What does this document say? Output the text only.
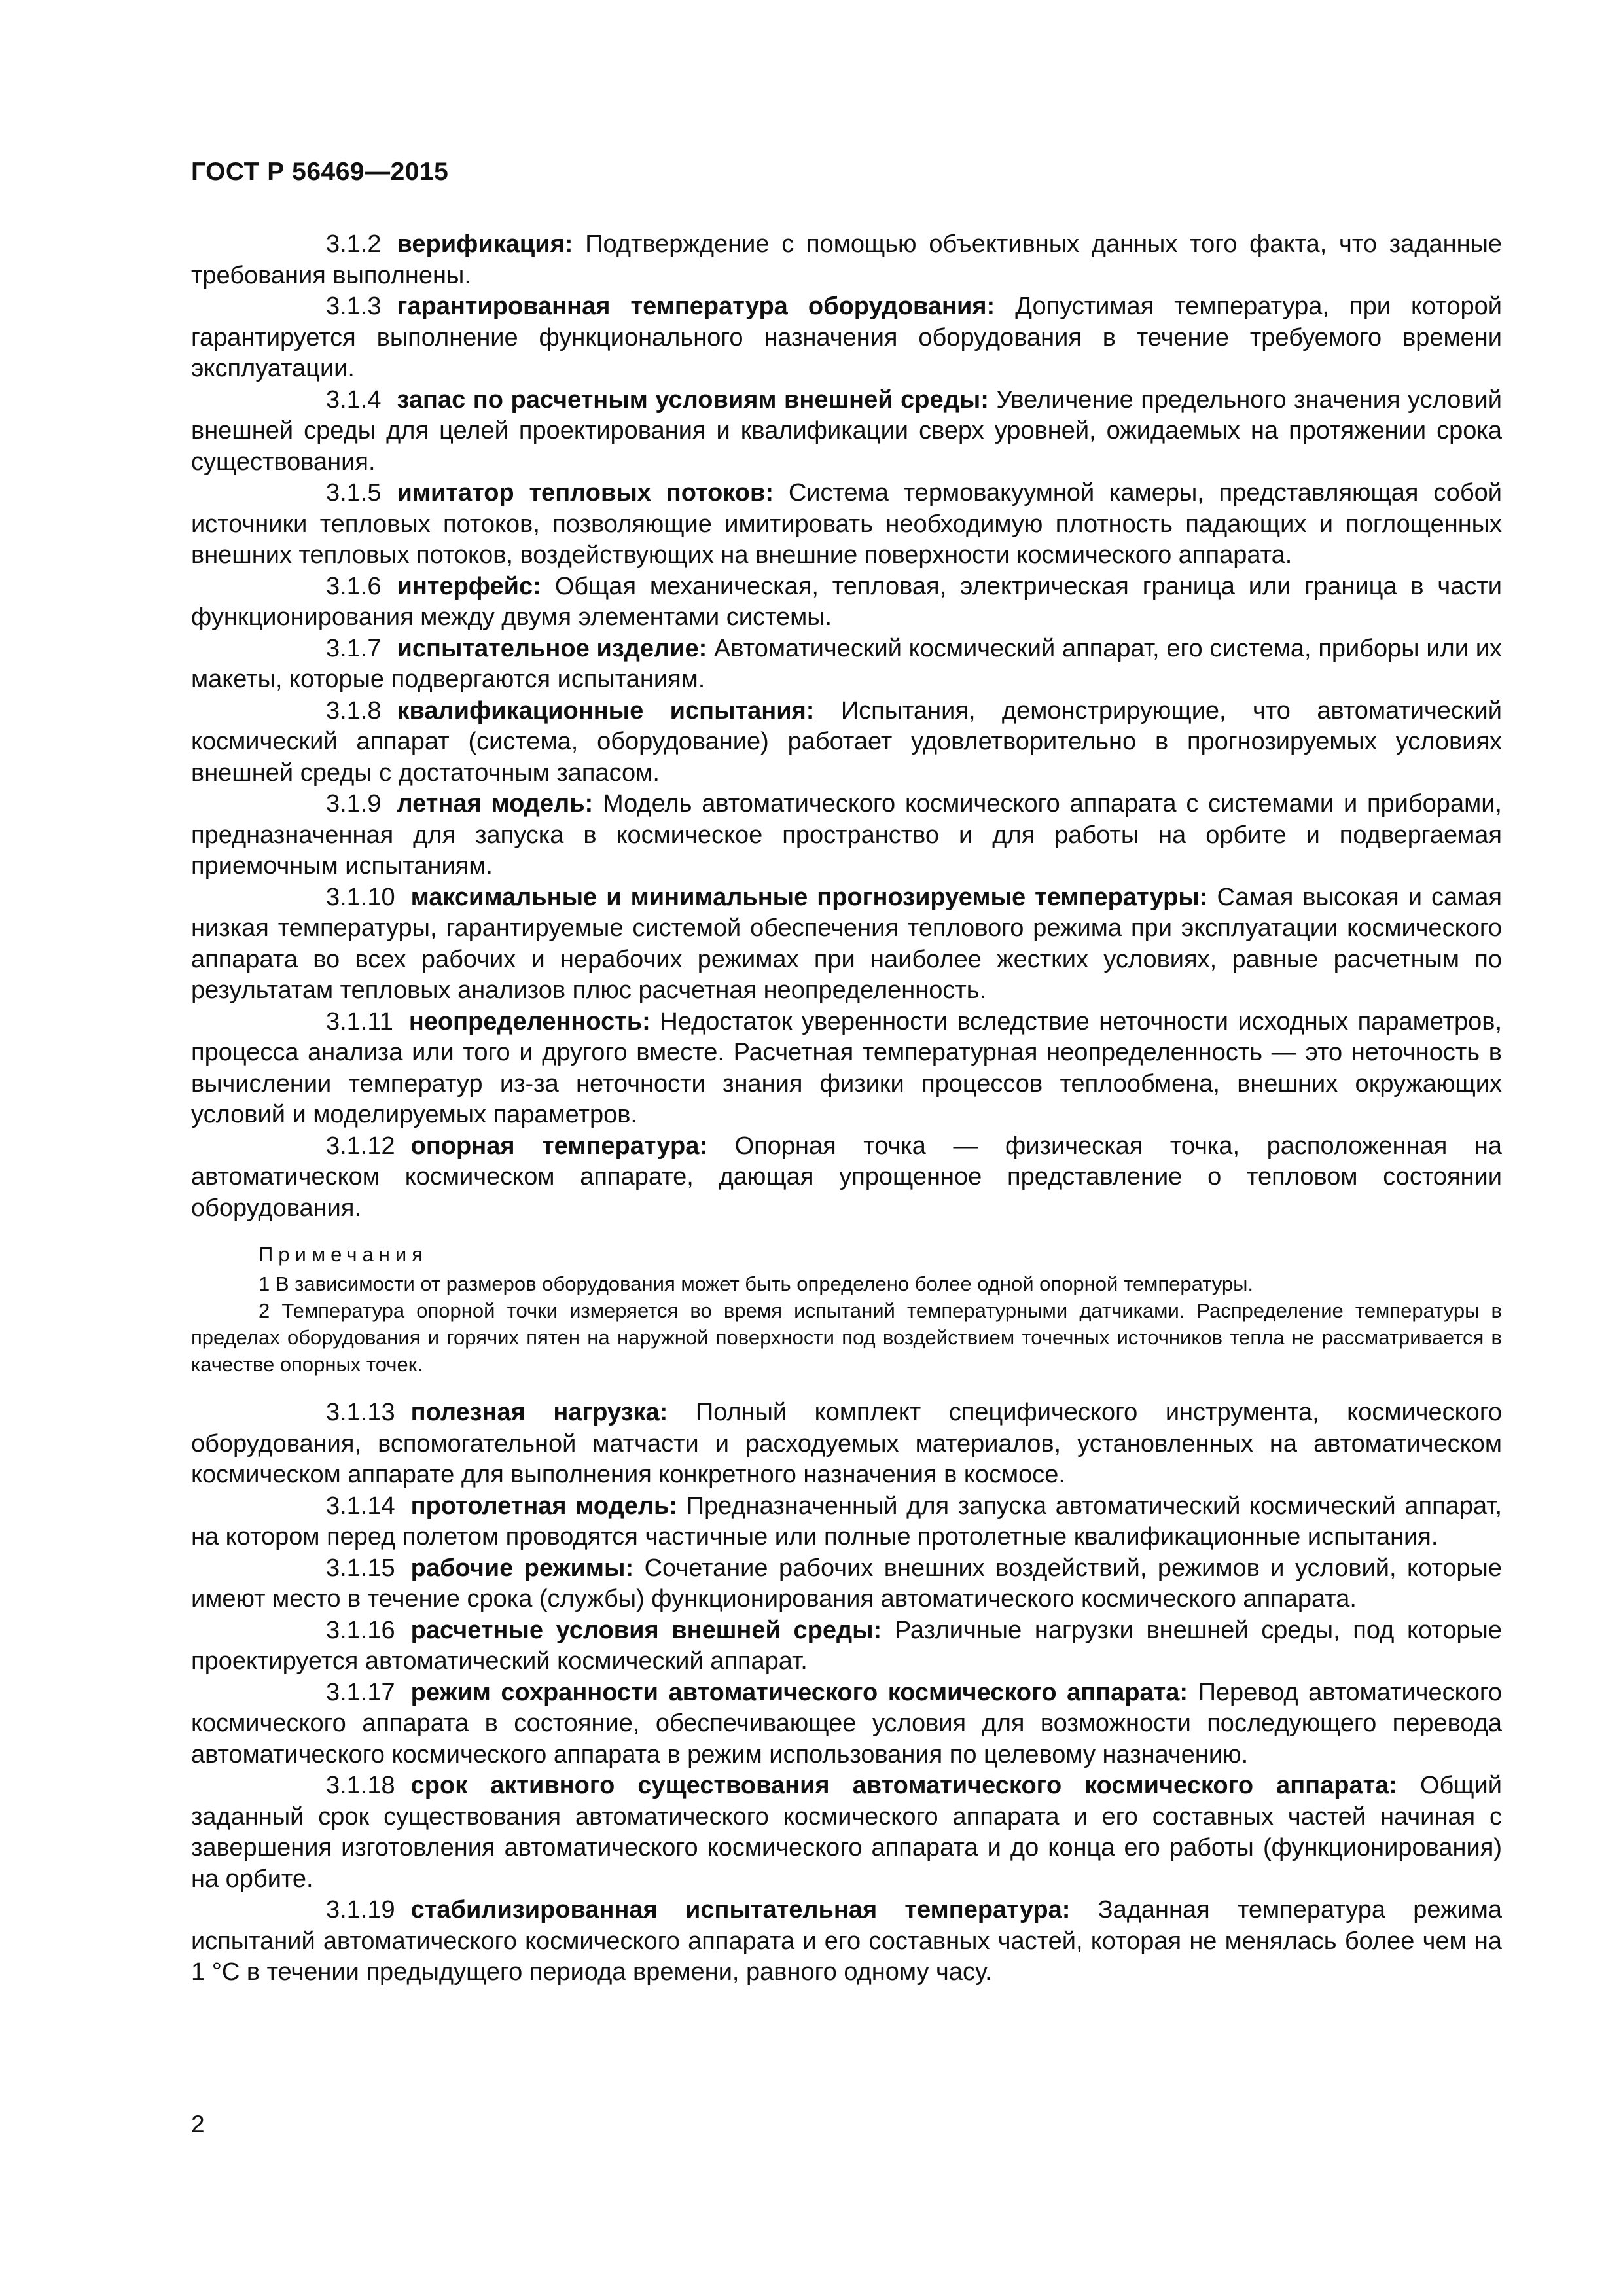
ГОСТ Р 56469—2015

3.1.2 верификация: Подтверждение с помощью объективных данных того факта, что заданные требования выполнены.

3.1.3 гарантированная температура оборудования: Допустимая температура, при которой гарантируется выполнение функционального назначения оборудования в течение требуемого времени эксплуатации.

3.1.4 запас по расчетным условиям внешней среды: Увеличение предельного значения условий внешней среды для целей проектирования и квалификации сверх уровней, ожидаемых на протяжении срока существования.

3.1.5 имитатор тепловых потоков: Система термовакуумной камеры, представляющая собой источники тепловых потоков, позволяющие имитировать необходимую плотность падающих и поглощенных внешних тепловых потоков, воздействующих на внешние поверхности космического аппарата.

3.1.6 интерфейс: Общая механическая, тепловая, электрическая граница или граница в части функционирования между двумя элементами системы.

3.1.7 испытательное изделие: Автоматический космический аппарат, его система, приборы или их макеты, которые подвергаются испытаниям.

3.1.8 квалификационные испытания: Испытания, демонстрирующие, что автоматический космический аппарат (система, оборудование) работает удовлетворительно в прогнозируемых условиях внешней среды с достаточным запасом.

3.1.9 летная модель: Модель автоматического космического аппарата с системами и приборами, предназначенная для запуска в космическое пространство и для работы на орбите и подвергаемая приемочным испытаниям.

3.1.10 максимальные и минимальные прогнозируемые температуры: Самая высокая и самая низкая температуры, гарантируемые системой обеспечения теплового режима при эксплуатации космического аппарата во всех рабочих и нерабочих режимах при наиболее жестких условиях, равные расчетным по результатам тепловых анализов плюс расчетная неопределенность.

3.1.11 неопределенность: Недостаток уверенности вследствие неточности исходных параметров, процесса анализа или того и другого вместе. Расчетная температурная неопределенность — это неточность в вычислении температур из-за неточности знания физики процессов теплообмена, внешних окружающих условий и моделируемых параметров.

3.1.12 опорная температура: Опорная точка — физическая точка, расположенная на автоматическом космическом аппарате, дающая упрощенное представление о тепловом состоянии оборудования.

Примечания
1 В зависимости от размеров оборудования может быть определено более одной опорной температуры.
2 Температура опорной точки измеряется во время испытаний температурными датчиками. Распределение температуры в пределах оборудования и горячих пятен на наружной поверхности под воздействием точечных источников тепла не рассматривается в качестве опорных точек.

3.1.13 полезная нагрузка: Полный комплект специфического инструмента, космического оборудования, вспомогательной матчасти и расходуемых материалов, установленных на автоматическом космическом аппарате для выполнения конкретного назначения в космосе.

3.1.14 протолетная модель: Предназначенный для запуска автоматический космический аппарат, на котором перед полетом проводятся частичные или полные протолетные квалификационные испытания.

3.1.15 рабочие режимы: Сочетание рабочих внешних воздействий, режимов и условий, которые имеют место в течение срока (службы) функционирования автоматического космического аппарата.

3.1.16 расчетные условия внешней среды: Различные нагрузки внешней среды, под которые проектируется автоматический космический аппарат.

3.1.17 режим сохранности автоматического космического аппарата: Перевод автоматического космического аппарата в состояние, обеспечивающее условия для возможности последующего перевода автоматического космического аппарата в режим использования по целевому назначению.

3.1.18 срок активного существования автоматического космического аппарата: Общий заданный срок существования автоматического космического аппарата и его составных частей начиная с завершения изготовления автоматического космического аппарата и до конца его работы (функционирования) на орбите.

3.1.19 стабилизированная испытательная температура: Заданная температура режима испытаний автоматического космического аппарата и его составных частей, которая не менялась более чем на 1 °С в течении предыдущего периода времени, равного одному часу.

2
